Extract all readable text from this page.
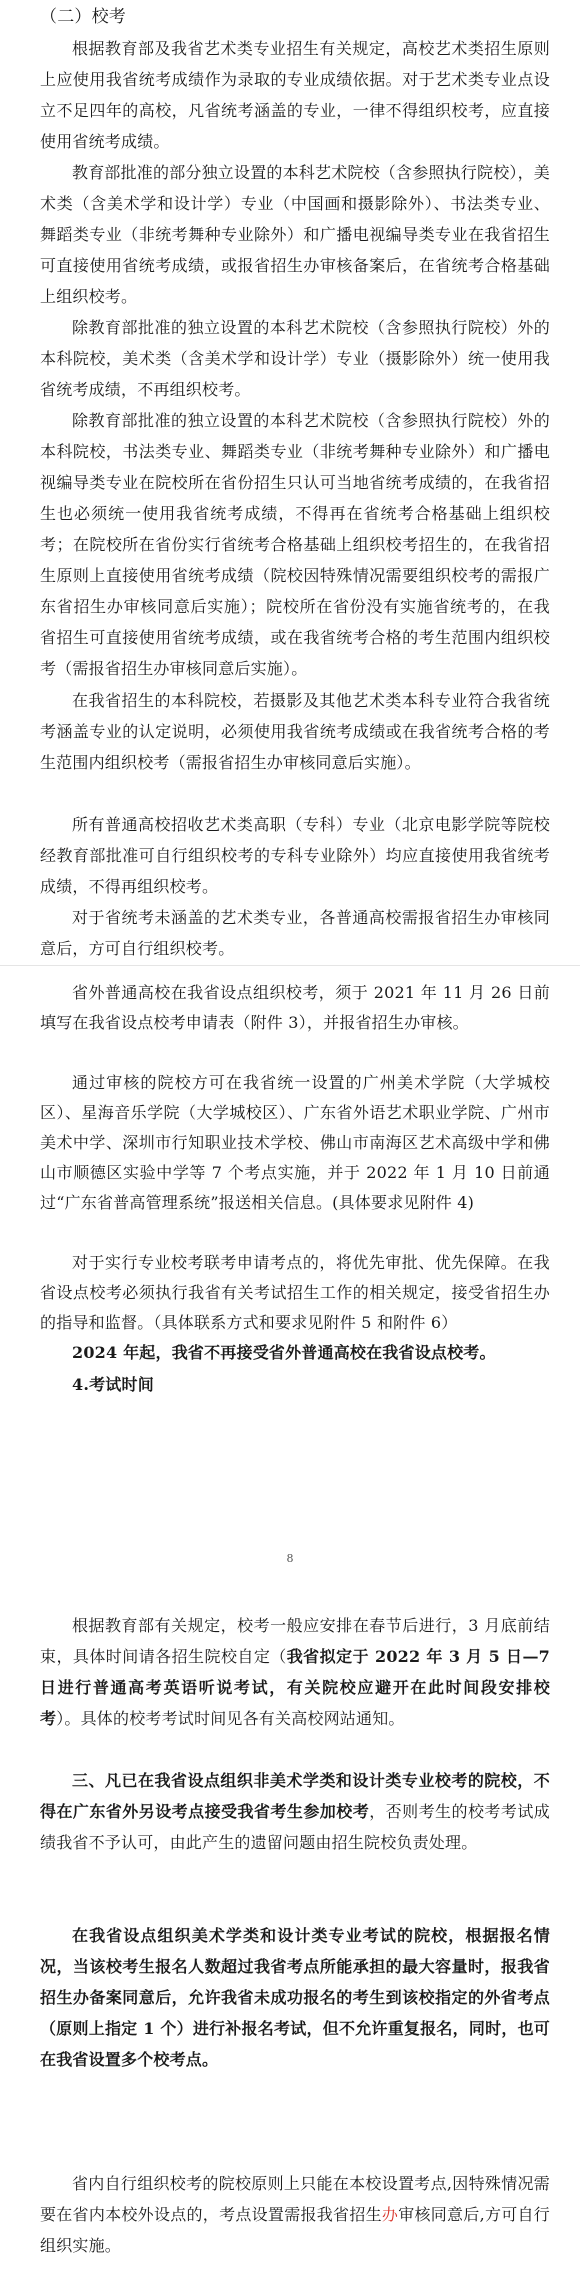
（二）校考

根据教育部及我省艺术类专业招生有关规定，高校艺术类招生原则上应使用我省统考成绩作为录取的专业成绩依据。对于艺术类专业点设立不足四年的高校，凡省统考涵盖的专业，一律不得组织校考，应直接使用省统考成绩。

教育部批准的部分独立设置的本科艺术院校（含参照执行院校），美术类（含美术学和设计学）专业（中国画和摄影除外）、书法类专业、舞蹈类专业（非统考舞种专业除外）和广播电视编导类专业在我省招生可直接使用省统考成绩，或报省招生办审核备案后，在省统考合格基础上组织校考。

除教育部批准的独立设置的本科艺术院校（含参照执行院校）外的本科院校，美术类（含美术学和设计学）专业（摄影除外）统一使用我省统考成绩，不再组织校考。

除教育部批准的独立设置的本科艺术院校（含参照执行院校）外的本科院校，书法类专业、舞蹈类专业（非统考舞种专业除外）和广播电视编导类专业在院校所在省份招生只认可当地省统考成绩的，在我省招生也必须统一使用我省统考成绩，不得再在省统考合格基础上组织校考；在院校所在省份实行省统考合格基础上组织校考招生的，在我省招生原则上直接使用省统考成绩（院校因特殊情况需要组织校考的需报广东省招生办审核同意后实施）；院校所在省份没有实施省统考的，在我省招生可直接使用省统考成绩，或在我省统考合格的考生范围内组织校考（需报省招生办审核同意后实施）。

在我省招生的本科院校，若摄影及其他艺术类本科专业符合我省统考涵盖专业的认定说明，必须使用我省统考成绩或在我省统考合格的考生范围内组织校考（需报省招生办审核同意后实施）。

所有普通高校招收艺术类高职（专科）专业（北京电影学院等院校经教育部批准可自行组织校考的专科专业除外）均应直接使用我省统考成绩，不得再组织校考。

对于省统考未涵盖的艺术类专业，各普通高校需报省招生办审核同意后，方可自行组织校考。

省外普通高校在我省设点组织校考，须于 2021 年 11 月 26 日前填写在我省设点校考申请表（附件 3），并报省招生办审核。

通过审核的院校方可在我省统一设置的广州美术学院（大学城校区）、星海音乐学院（大学城校区）、广东省外语艺术职业学院、广州市美术中学、深圳市行知职业技术学校、佛山市南海区艺术高级中学和佛山市顺德区实验中学等 7 个考点实施，并于 2022 年 1 月 10 日前通过“广东省普高管理系统”报送相关信息。(具体要求见附件 4)

对于实行专业校考联考申请考点的，将优先审批、优先保障。在我省设点校考必须执行我省有关考试招生工作的相关规定，接受省招生办的指导和监督。（具体联系方式和要求见附件 5 和附件 6）

2024 年起，我省不再接受省外普通高校在我省设点校考。

4.考试时间

8

根据教育部有关规定，校考一般应安排在春节后进行，3 月底前结束，具体时间请各招生院校自定（我省拟定于 2022 年 3 月 5 日—7 日进行普通高考英语听说考试，有关院校应避开在此时间段安排校考）。具体的校考考试时间见各有关高校网站通知。

三、凡已在我省设点组织非美术学类和设计类专业校考的院校，不得在广东省外另设考点接受我省考生参加校考，否则考生的校考考试成绩我省不予认可，由此产生的遗留问题由招生院校负责处理。

在我省设点组织美术学类和设计类专业考试的院校，根据报名情况，当该校考生报名人数超过我省考点所能承担的最大容量时，报我省招生办备案同意后，允许我省未成功报名的考生到该校指定的外省考点（原则上指定 1 个）进行补报名考试，但不允许重复报名，同时，也可在我省设置多个校考点。

省内自行组织校考的院校原则上只能在本校设置考点,因特殊情况需要在省内本校外设点的，考点设置需报我省招生办审核同意后,方可自行组织实施。
